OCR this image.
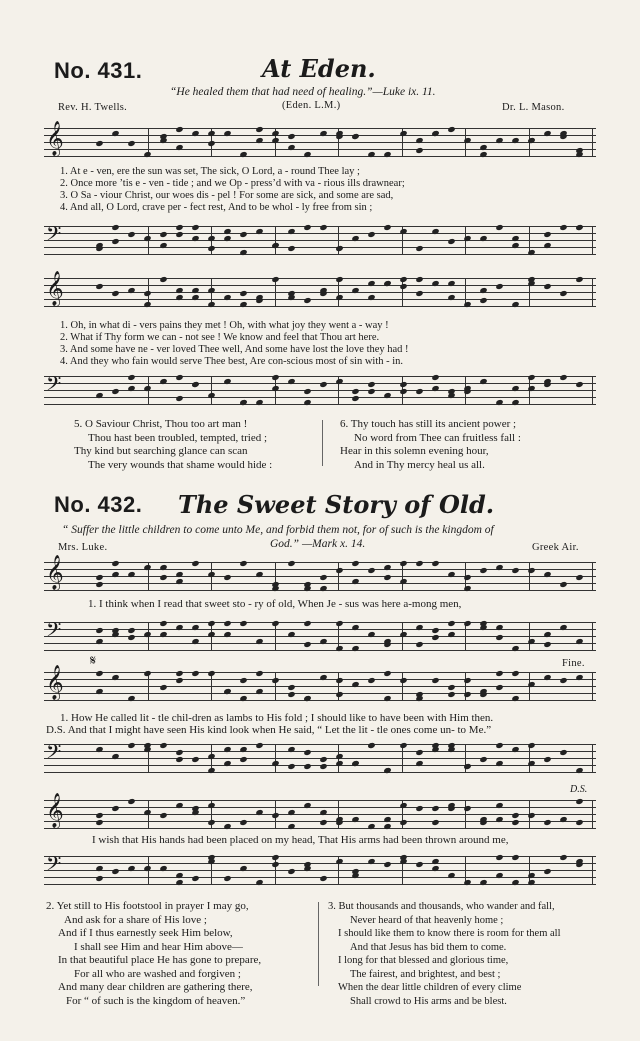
No. 431.	At Eden.
“He healed them that had need of healing.”—Luke ix. 11.
Rev. H. Twells.	(Eden. L.M.)	Dr. L. Mason.
𝄞
1. At e - ven, ere the sun was set, The sick, O Lord, a - round Thee lay ;
2. Once more ’tis e - ven - tide ; and we Op - press’d with va - rious ills drawnear;
3. O Sa - viour Christ, our woes dis - pel ! For some are sick, and some are sad,
4. And all, O Lord, crave per - fect rest, And to be whol - ly free from sin ;
𝄢
𝄞
1. Oh, in what di - vers pains they met ! Oh, with what joy they went a - way !
2. What if Thy form we can - not see ! We know and feel that Thou art here.
3. And some have ne - ver loved Thee well, And some have lost the love they had !
4. And they who fain would serve Thee best, Are con-scious most of sin with - in.
𝄢
5. O Saviour Christ, Thou too art man !
Thou hast been troubled, tempted, tried ;
Thy kind but searching glance can scan
The very wounds that shame would hide :
6. Thy touch has still its ancient power ;
No word from Thee can fruitless fall :
Hear in this solemn evening hour,
And in Thy mercy heal us all.
No. 432. The Sweet Story of Old.
“ Suffer the little children to come unto Me, and forbid them not, for of such is the kingdom of
God.” —Mark x. 14.
Mrs. Luke.	Greek Air.
𝄞
1. I think when I read that sweet sto - ry of old, When Je - sus was here a-mong men,
𝄢
𝄋	Fine.
𝄞
1. How He called lit - tle chil-dren as lambs to His fold ; I should like to have been with Him then.
D.S. And that I might have seen His kind look when He said, “ Let the lit - tle ones come un- to Me.”
𝄢
D.S.
𝄞
I wish that His hands had been placed on my head, That His arms had been thrown around me,
𝄢
2. Yet still to His footstool in prayer I may go,
And ask for a share of His love ;
And if I thus earnestly seek Him below,
I shall see Him and hear Him above—
In that beautiful place He has gone to prepare,
For all who are washed and forgiven ;
And many dear children are gathering there,
For “ of such is the kingdom of heaven.”
3. But thousands and thousands, who wander and fall,
Never heard of that heavenly home ;
I should like them to know there is room for them all
And that Jesus has bid them to come.
I long for that blessed and glorious time,
The fairest, and brightest, and best ;
When the dear little children of every clime
Shall crowd to His arms and be blest.
